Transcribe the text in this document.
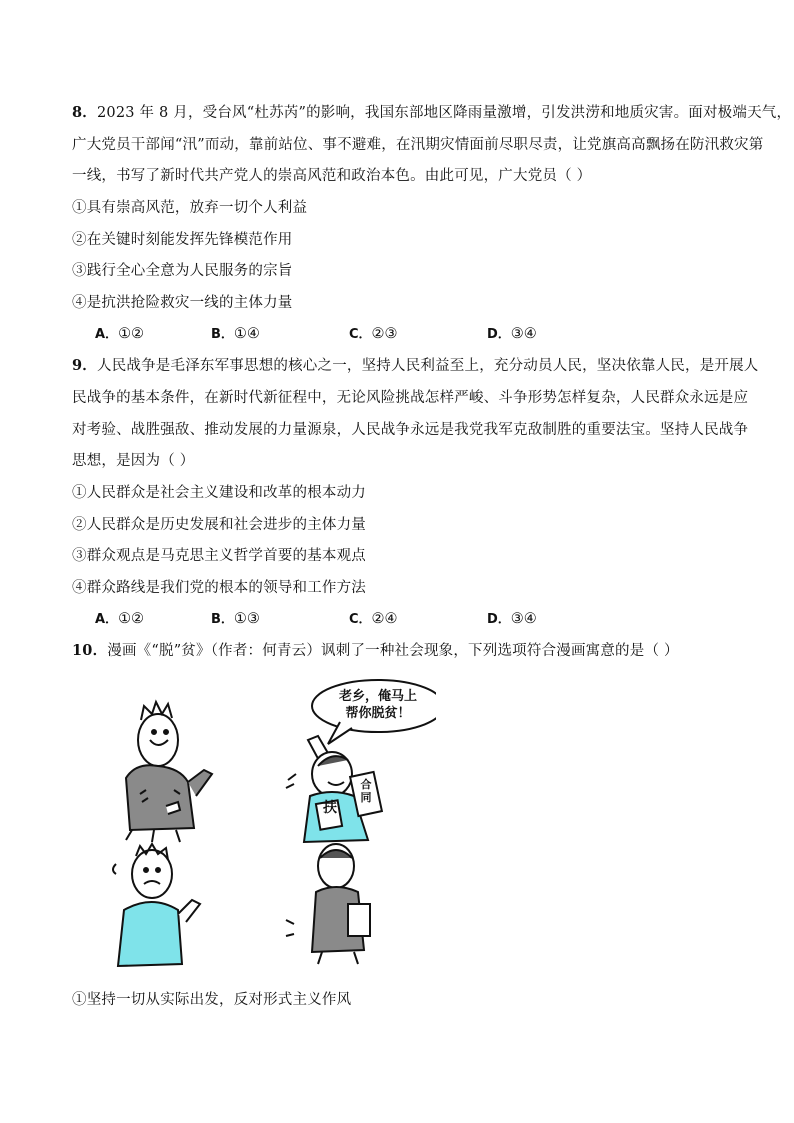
8．2023 年 8 月，受台风“杜苏芮”的影响，我国东部地区降雨量激增，引发洪涝和地质灾害。面对极端天气，
广大党员干部闻“汛”而动，靠前站位、事不避难，在汛期灾情面前尽职尽责，让党旗高高飘扬在防汛救灾第
一线，书写了新时代共产党人的崇高风范和政治本色。由此可见，广大党员（ ）
①具有崇高风范，放弃一切个人利益
②在关键时刻能发挥先锋模范作用
③践行全心全意为人民服务的宗旨
④是抗洪抢险救灾一线的主体力量
A．①②	B．①④	C．②③	D．③④
9．人民战争是毛泽东军事思想的核心之一，坚持人民利益至上，充分动员人民，坚决依靠人民，是开展人
民战争的基本条件，在新时代新征程中，无论风险挑战怎样严峻、斗争形势怎样复杂，人民群众永远是应
对考验、战胜强敌、推动发展的力量源泉，人民战争永远是我党我军克敌制胜的重要法宝。坚持人民战争
思想，是因为（ ）
①人民群众是社会主义建设和改革的根本动力
②人民群众是历史发展和社会进步的主体力量
③群众观点是马克思主义哲学首要的基本观点
④群众路线是我们党的根本的领导和工作方法
A．①②	B．①③	C．②④	D．③④
10．漫画《“脱”贫》（作者：何青云）讽刺了一种社会现象，下列选项符合漫画寓意的是（ ）
老乡，俺马上
帮你脱贫！
扶
合同
①坚持一切从实际出发，反对形式主义作风
